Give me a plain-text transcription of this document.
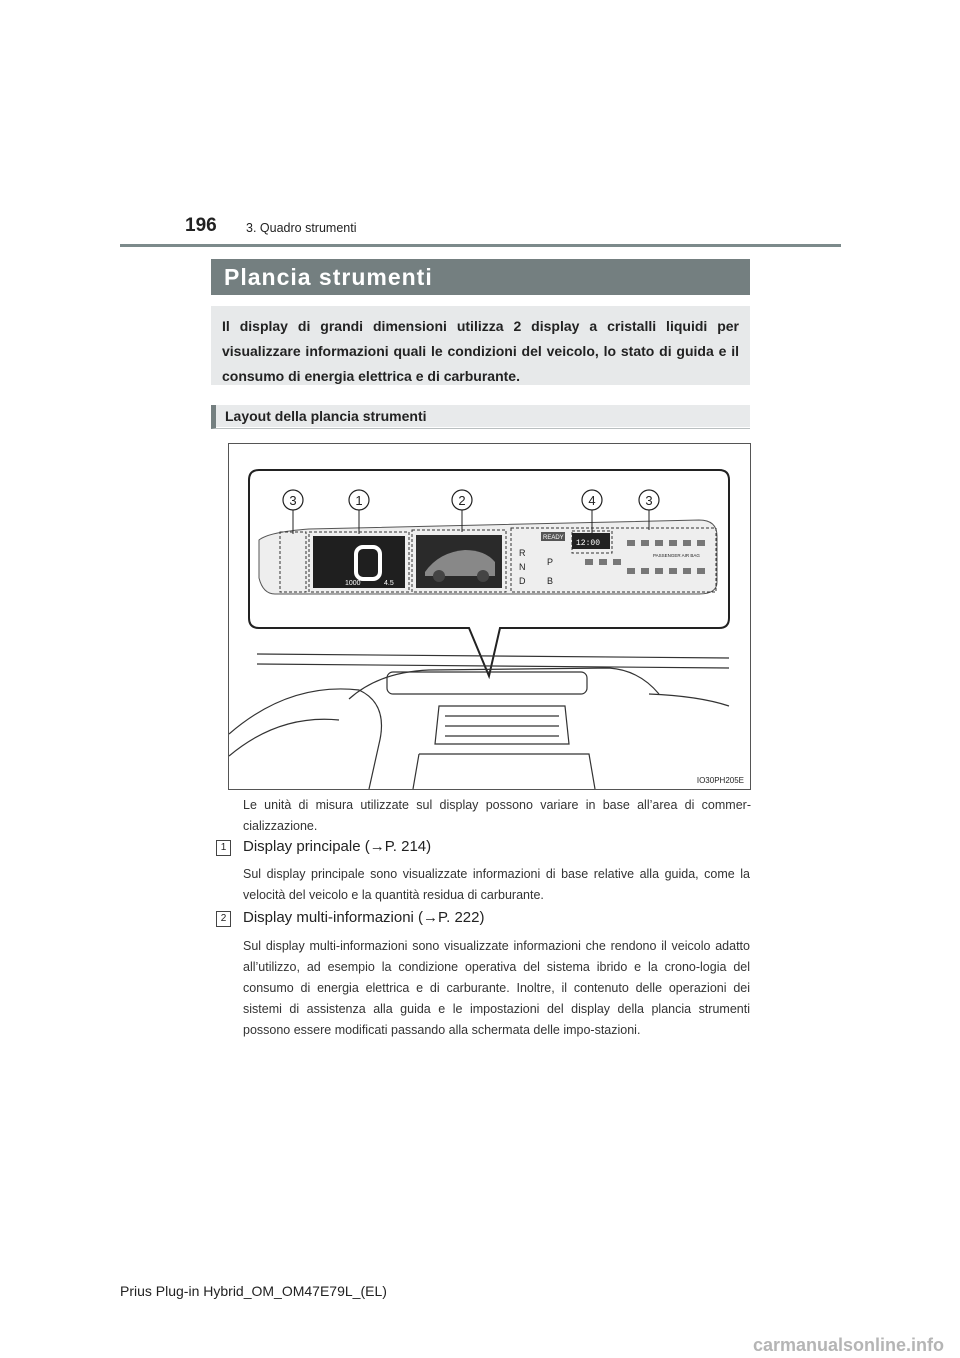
196 3. Quadro strumenti
Plancia strumenti
Il display di grandi dimensioni utilizza 2 display a cristalli liquidi per visualizzare informazioni quali le condizioni del veicolo, lo stato di guida e il consumo di energia elettrica e di carburante.
Layout della plancia strumenti
1000	4.5
12:00
READY
R
P
N
D B
PASSENGER AIR BAG
3	1	2	4	3
IO30PH205E
Le unità di misura utilizzate sul display possono variare in base all’area di commer-cializzazione.
1	Display principale (→P. 214)
Sul display principale sono visualizzate informazioni di base relative alla guida, come la velocità del veicolo e la quantità residua di carburante.
2	Display multi-informazioni (→P. 222)
Sul display multi-informazioni sono visualizzate informazioni che rendono il veicolo adatto all’utilizzo, ad esempio la condizione operativa del sistema ibrido e la crono-logia del consumo di energia elettrica e di carburante. Inoltre, il contenuto delle operazioni dei sistemi di assistenza alla guida e le impostazioni del display della plancia strumenti possono essere modificati passando alla schermata delle impo-stazioni.
Prius Plug-in Hybrid_OM_OM47E79L_(EL)
carmanualsonline.info
